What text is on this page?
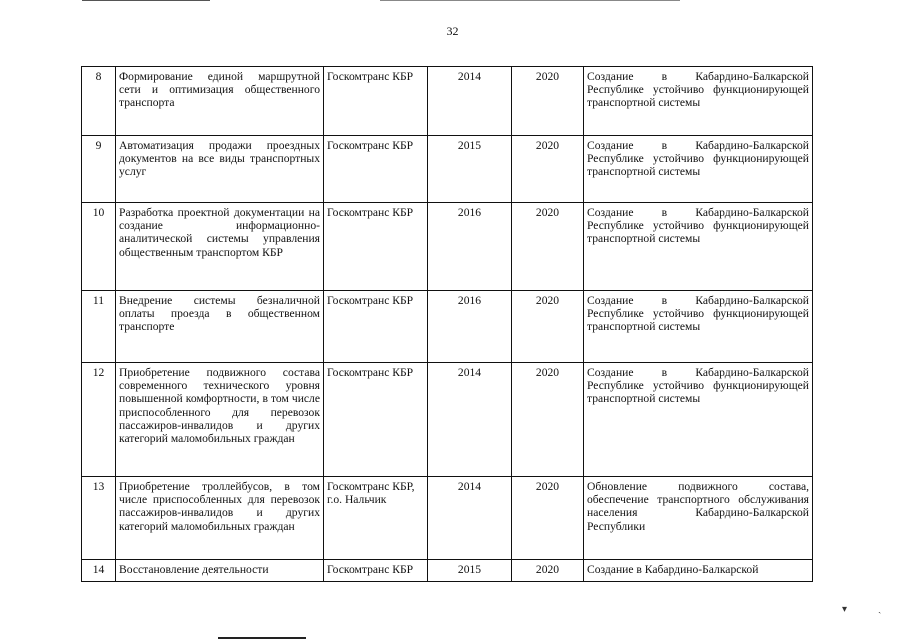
32
8	Формирование единой маршрутной сети и оптимизация общественного транспорта	Госкомтранс КБР	2014	2020	Создание в Кабардино-Балкарской Республике устойчиво функционирующей транспортной системы
9	Автоматизация продажи проездных документов на все виды транспортных услуг	Госкомтранс КБР	2015	2020	Создание в Кабардино-Балкарской Республике устойчиво функционирующей транспортной системы
10	Разработка проектной документации на создание информационно-аналитической системы управления общественным транспортом КБР	Госкомтранс КБР	2016	2020	Создание в Кабардино-Балкарской Республике устойчиво функционирующей транспортной системы
11	Внедрение системы безналичной оплаты проезда в общественном транспорте	Госкомтранс КБР	2016	2020	Создание в Кабардино-Балкарской Республике устойчиво функционирующей транспортной системы
12	Приобретение подвижного состава современного технического уровня повышенной комфортности, в том числе приспособленного для перевозок пассажиров-инвалидов и других категорий маломобильных граждан	Госкомтранс КБР	2014	2020	Создание в Кабардино-Балкарской Республике устойчиво функционирующей транспортной системы
13	Приобретение троллейбусов, в том числе приспособленных для перевозок пассажиров-инвалидов и других категорий маломобильных граждан	Госкомтранс КБР, г.о. Нальчик	2014	2020	Обновление подвижного состава, обеспечение транспортного обслуживания населения Кабардино-Балкарской Республики
14	Восстановление деятельности	Госкомтранс КБР	2015	2020	Создание в Кабардино-Балкарской
▾	ˎ
